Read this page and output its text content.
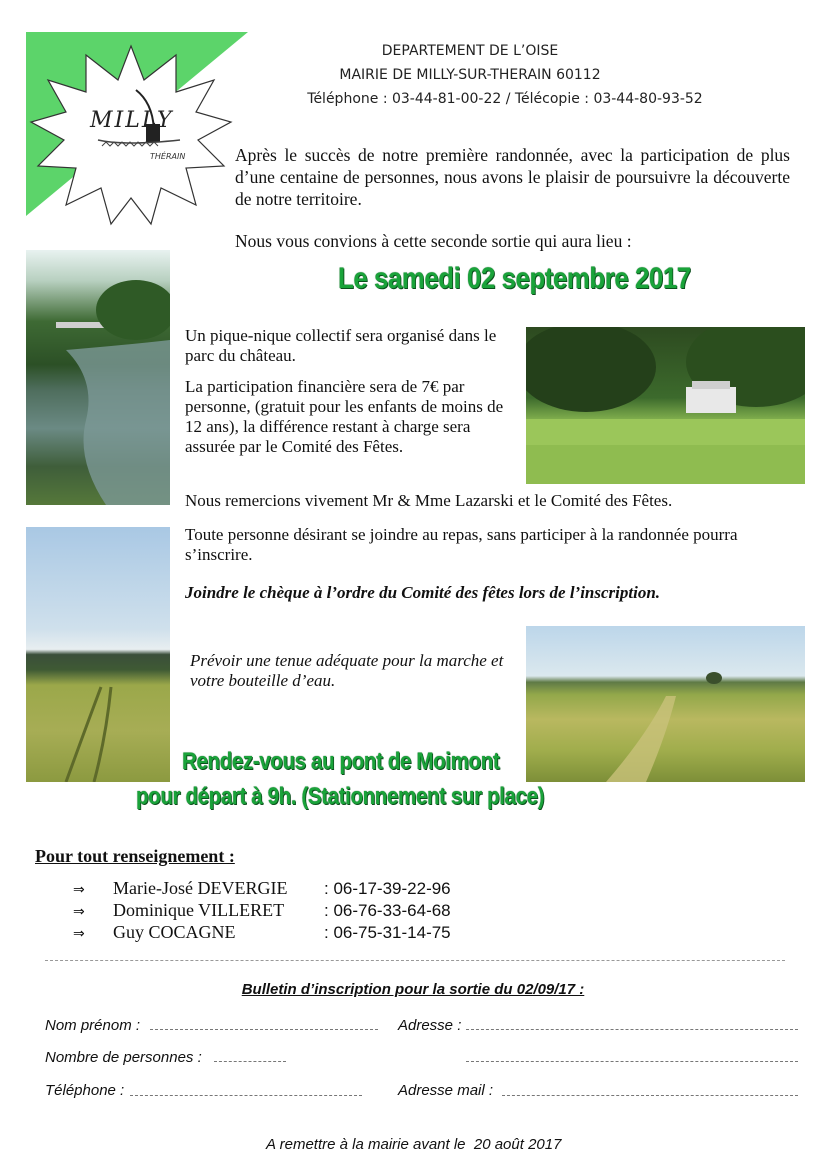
MILLY
THÉRAIN
DEPARTEMENT DE L’OISE
MAIRIE DE MILLY-SUR-THERAIN 60112
Téléphone : 03-44-81-00-22 / Télécopie : 03-44-80-93-52
Après le succès de notre première randonnée, avec la participation de plus d’une centaine de personnes, nous avons le plaisir de poursuivre la découverte de notre territoire.
Nous vous convions à cette seconde sortie qui aura lieu :
Le samedi 02 septembre 2017
Un pique-nique collectif sera organisé dans le parc du château.
La participation financière sera de 7€ par personne, (gratuit pour les enfants de moins de 12 ans), la différence restant à charge sera assurée par le Comité des Fêtes.
Nous remercions vivement Mr & Mme Lazarski et le Comité des Fêtes.
Toute personne désirant se joindre au repas, sans participer à la randonnée pourra s’inscrire.
Joindre le chèque à l’ordre du Comité des fêtes lors de l’inscription.
Prévoir une tenue adéquate pour la marche et votre bouteille d’eau.
Rendez-vous au pont de Moimont
pour départ à 9h. (Stationnement sur place)
Pour tout renseignement :
⇒ Marie-José DEVERGIE : 06-17-39-22-96
⇒ Dominique VILLERET : 06-76-33-64-68
⇒ Guy COCAGNE	: 06-75-31-14-75
Bulletin d’inscription pour la sortie du 02/09/17 :
Nom prénom :	Adresse :
Nombre de personnes :
Téléphone :	Adresse mail :
A remettre à la mairie avant le  20 août 2017
